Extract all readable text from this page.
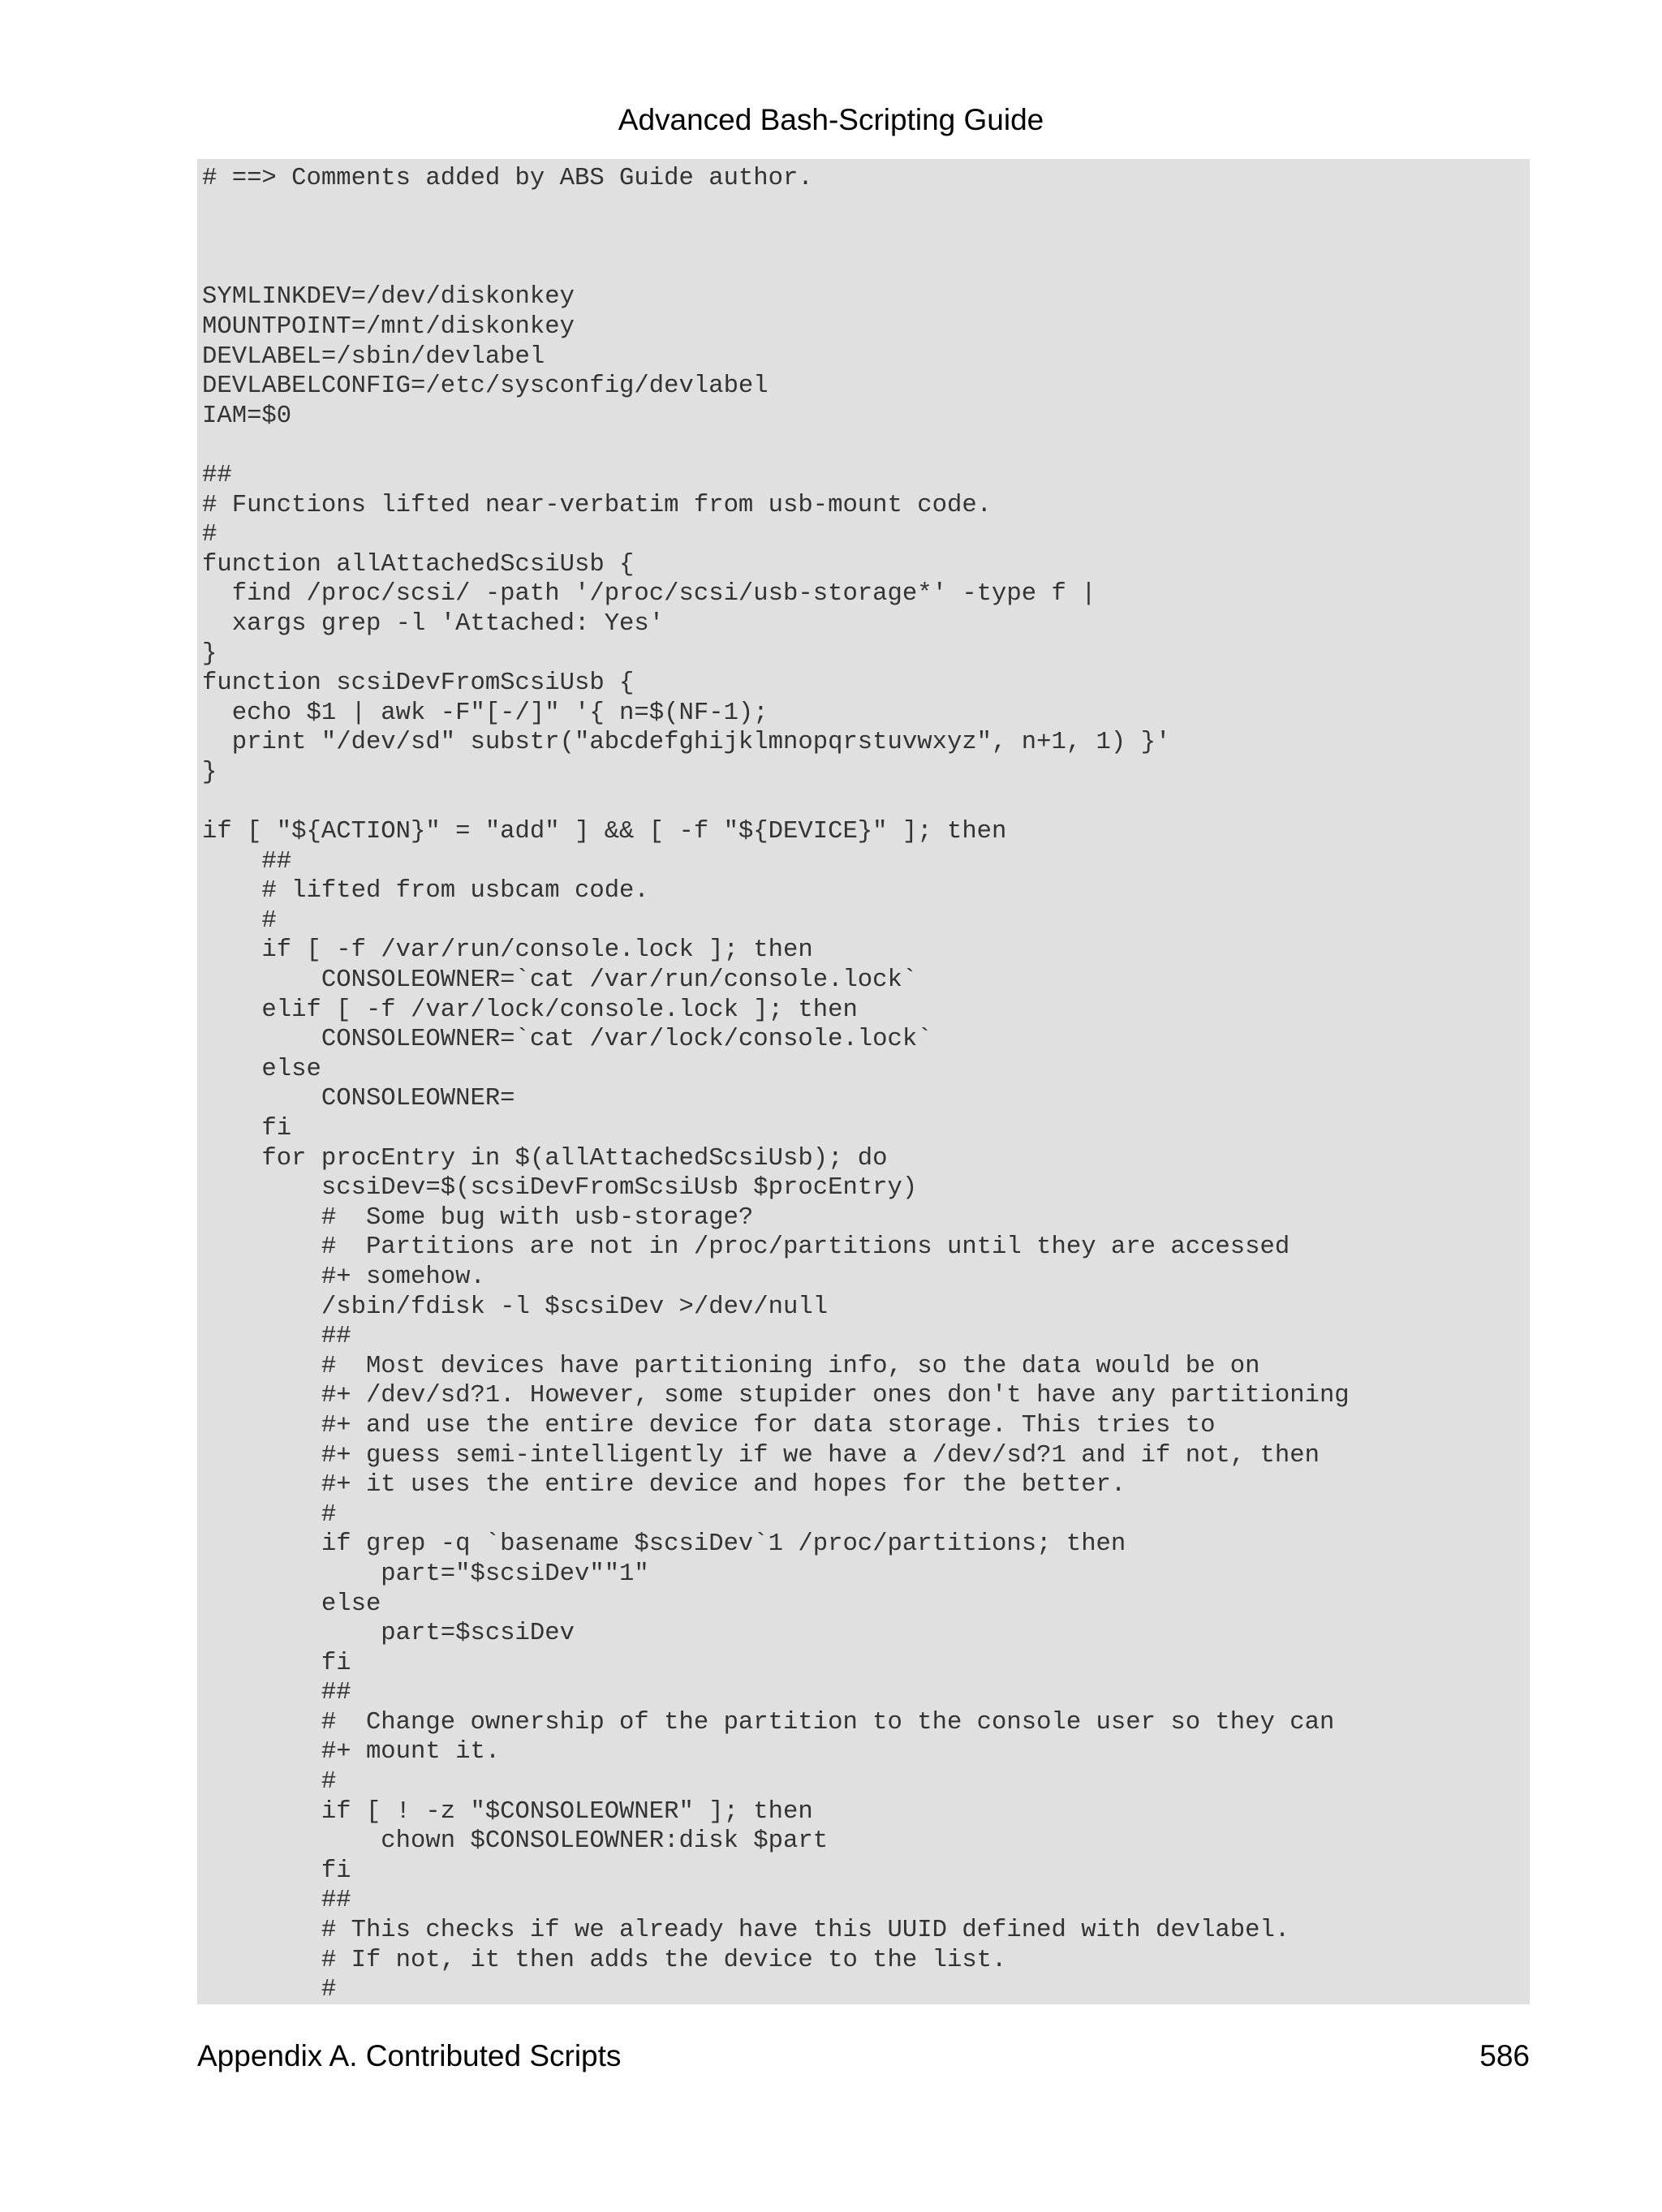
Advanced Bash-Scripting Guide
# ==> Comments added by ABS Guide author.

SYMLINKDEV=/dev/diskonkey
MOUNTPOINT=/mnt/diskonkey
DEVLABEL=/sbin/devlabel
DEVLABELCONFIG=/etc/sysconfig/devlabel
IAM=$0

##
# Functions lifted near-verbatim from usb-mount code.
#
function allAttachedScsiUsb {
find /proc/scsi/ -path '/proc/scsi/usb-storage*' -type f |
xargs grep -l 'Attached: Yes'
}
function scsiDevFromScsiUsb {
echo $1 | awk -F"[-/]" '{ n=$(NF-1);
print "/dev/sd" substr("abcdefghijklmnopqrstuvwxyz", n+1, 1) }'
}

if [ "${ACTION}" = "add" ] && [ -f "${DEVICE}" ]; then
##
# lifted from usbcam code.
#
if [ -f /var/run/console.lock ]; then
CONSOLEOWNER=`cat /var/run/console.lock`
elif [ -f /var/lock/console.lock ]; then
CONSOLEOWNER=`cat /var/lock/console.lock`
else
CONSOLEOWNER=
fi
for procEntry in $(allAttachedScsiUsb); do
scsiDev=$(scsiDevFromScsiUsb $procEntry)
#  Some bug with usb-storage?
#  Partitions are not in /proc/partitions until they are accessed
#+ somehow.
/sbin/fdisk -l $scsiDev >/dev/null
##
#  Most devices have partitioning info, so the data would be on
#+ /dev/sd?1. However, some stupider ones don't have any partitioning
#+ and use the entire device for data storage. This tries to
#+ guess semi-intelligently if we have a /dev/sd?1 and if not, then
#+ it uses the entire device and hopes for the better.
#
if grep -q `basename $scsiDev`1 /proc/partitions; then
part="$scsiDev""1"
else
part=$scsiDev
fi
##
#  Change ownership of the partition to the console user so they can
#+ mount it.
#
if [ ! -z "$CONSOLEOWNER" ]; then
chown $CONSOLEOWNER:disk $part
fi
##
# This checks if we already have this UUID defined with devlabel.
# If not, it then adds the device to the list.
#
Appendix A. Contributed Scripts	586
